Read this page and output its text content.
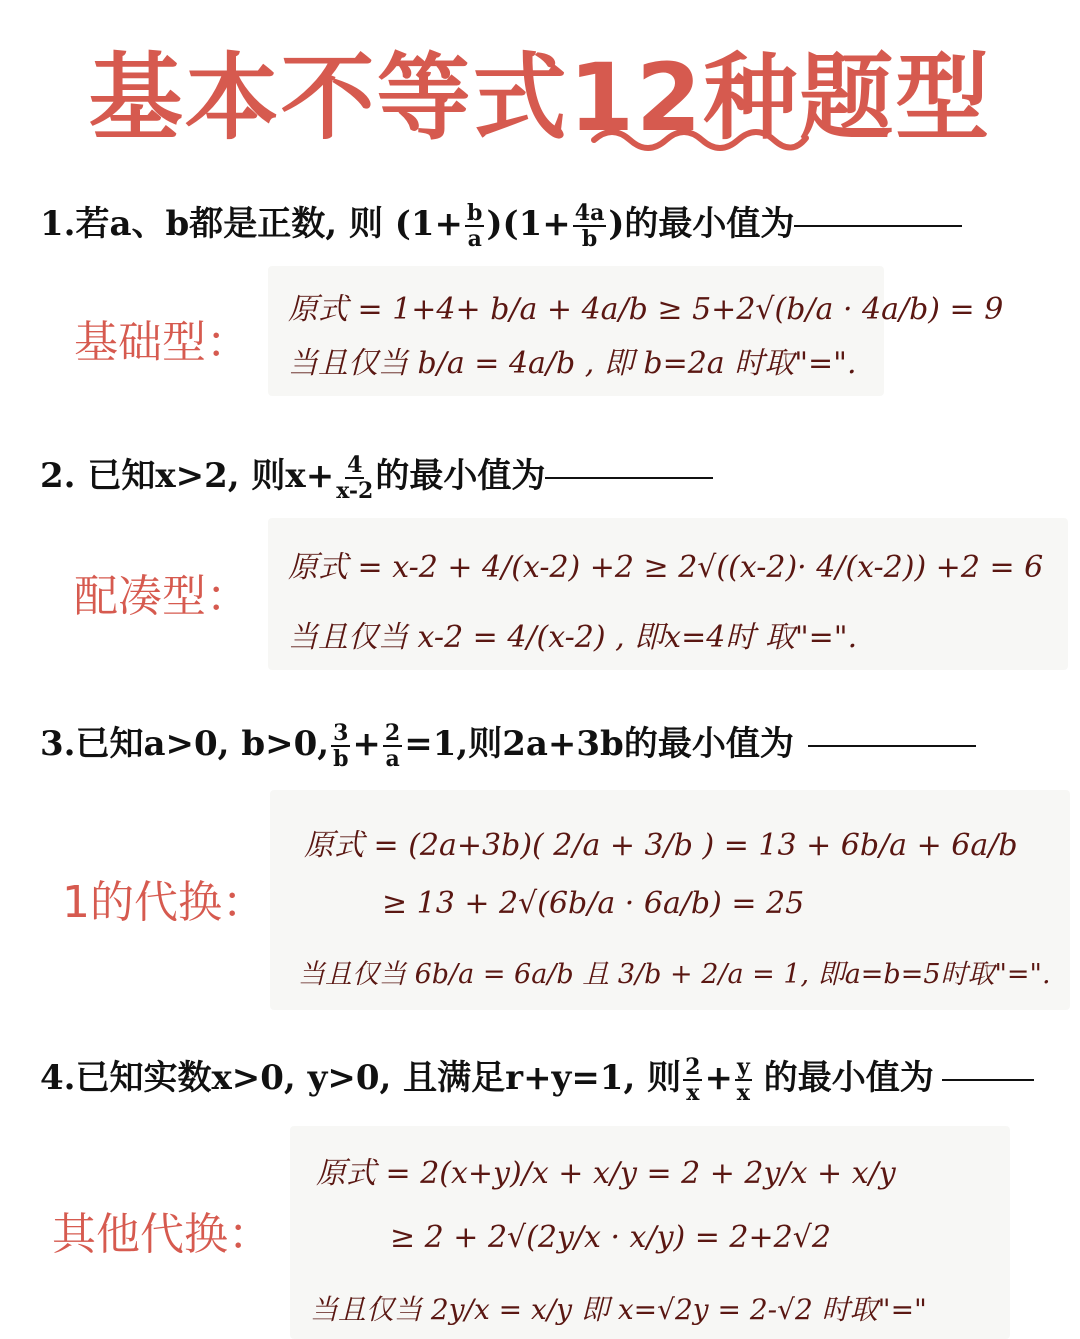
基本不等式12种题型
1.若a、b都是正数, 则 $(1+ \frac{b}{a} )(1+ \frac{4a}{b}$ )的最小值为
基础型：
原式 = 1+4+ b/a + 4a/b ≥ 5+2√(b/a · 4a/b) = 9
当且仅当 b/a = 4a/b , 即 b=2a 时取"=".
2. 已知x>2, 则$x+ \frac{4}{x-2}$ 的最小值为
配凑型：
原式 = x-2 + 4/(x-2) +2 ≥ 2√((x-2)· 4/(x-2)) +2 = 6
当且仅当 x-2 = 4/(x-2) , 即x=4时 取"=".
3.已知a>0, b>0, $\frac{3}{b} + \frac{2}{a} =1$,则2a+3b的最小值为
1的代换：
原式 = (2a+3b)( 2/a + 3/b ) = 13 + 6b/a + 6a/b
≥ 13 + 2√(6b/a · 6a/b) = 25
当且仅当 6b/a = 6a/b 且 3/b + 2/a = 1, 即a=b=5时取"=".
4.已知实数x>0, y>0, 且满足r+y=1, 则 $\frac{2}{x} + \frac{y}{x}$ 的最小值为
其他代换：
原式 = 2(x+y)/x + x/y = 2 + 2y/x + x/y
≥ 2 + 2√(2y/x · x/y) = 2+2√2
当且仅当 2y/x = x/y 即 x=√2y = 2-√2 时取"="
